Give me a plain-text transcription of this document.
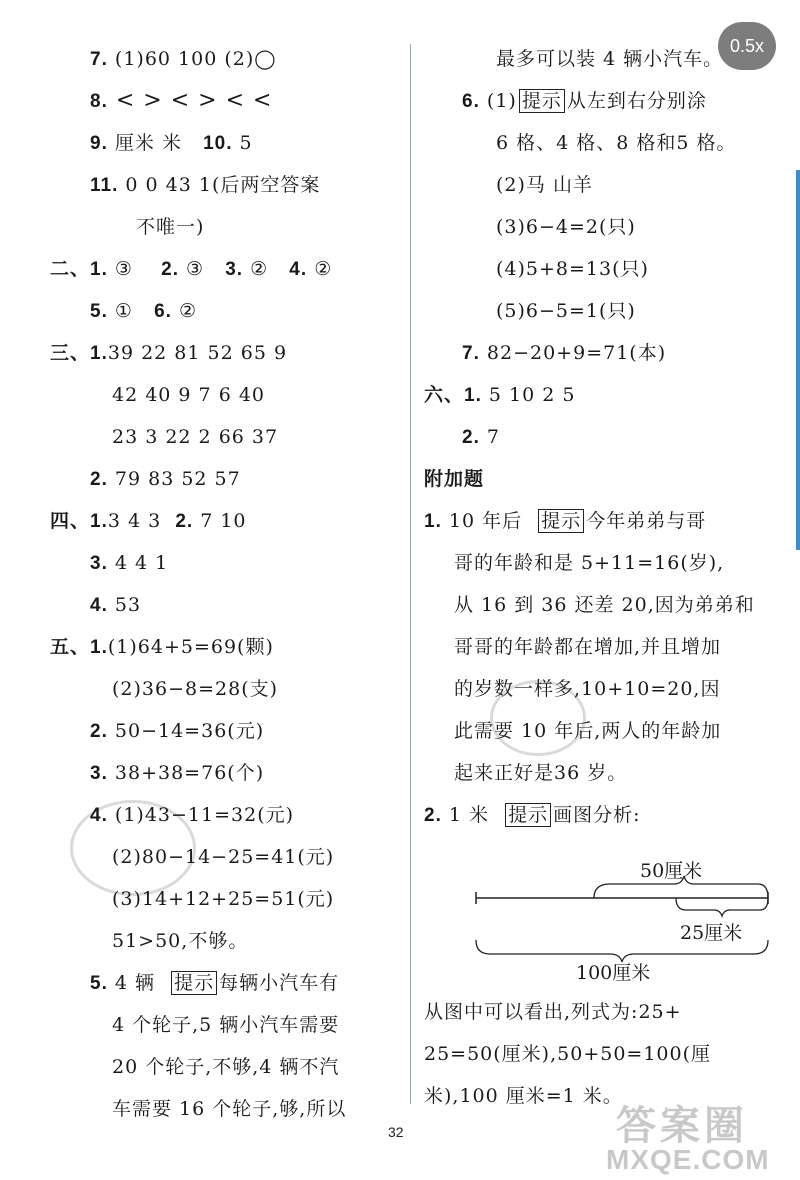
0.5x
7. (1)60 100 (2)◯
8. < > < > < <
9. 厘米 米 10. 5
11. 0 0 43 1(后两空答案
不唯一)
二、1. ③ 2. ③ 3. ② 4. ②
5. ① 6. ②
三、1.39 22 81 52 65 9
42 40 9 7 6 40
23 3 22 2 66 37
2. 79 83 52 57
四、1.3 4 3 2. 7 10
3. 4 4 1
4. 53
五、1.(1)64+5=69(颗)
(2)36−8=28(支)
2. 50−14=36(元)
3. 38+38=76(个)
4. (1)43−11=32(元)
(2)80−14−25=41(元)
(3)14+12+25=51(元)
51>50,不够。
5. 4 辆 提示 每辆小汽车有
4 个轮子,5 辆小汽车需要
20 个轮子,不够,4 辆不汽
车需要 16 个轮子,够,所以
最多可以装 4 辆小汽车。
6. (1) 提示 从左到右分别涂
6 格、4 格、8 格和5 格。
(2)马 山羊
(3)6−4=2(只)
(4)5+8=13(只)
(5)6−5=1(只)
7. 82−20+9=71(本)
六、1. 5 10 2 5
2. 7
附加题
1. 10 年后 提示 今年弟弟与哥
哥的年龄和是 5+11=16(岁),
从 16 到 36 还差 20,因为弟弟和
哥哥的年龄都在增加,并且增加
的岁数一样多,10+10=20,因
此需要 10 年后,两人的年龄加
起来正好是36 岁。
2. 1 米 提示 画图分析:
50厘米
25厘米
100厘米
从图中可以看出,列式为:25+
25=50(厘米),50+50=100(厘
米),100 厘米=1 米。
32	答案圈
MXQE.COM
